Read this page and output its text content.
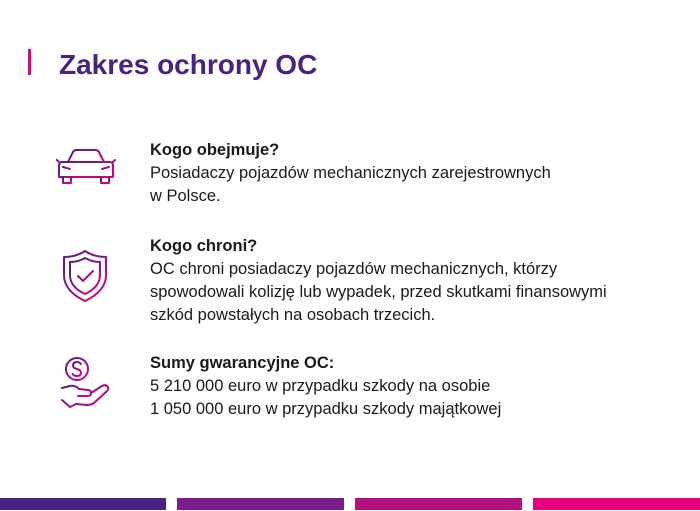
Zakres ochrony OC
Kogo obejmuje?
Posiadaczy pojazdów mechanicznych zarejestrownych
w Polsce.
Kogo chroni?
OC chroni posiadaczy pojazdów mechanicznych, którzy
spowodowali kolizję lub wypadek, przed skutkami finansowymi
szkód powstałych na osobach trzecich.
Sumy gwarancyjne OC:
5 210 000 euro w przypadku szkody na osobie
1 050 000 euro w przypadku szkody majątkowej
